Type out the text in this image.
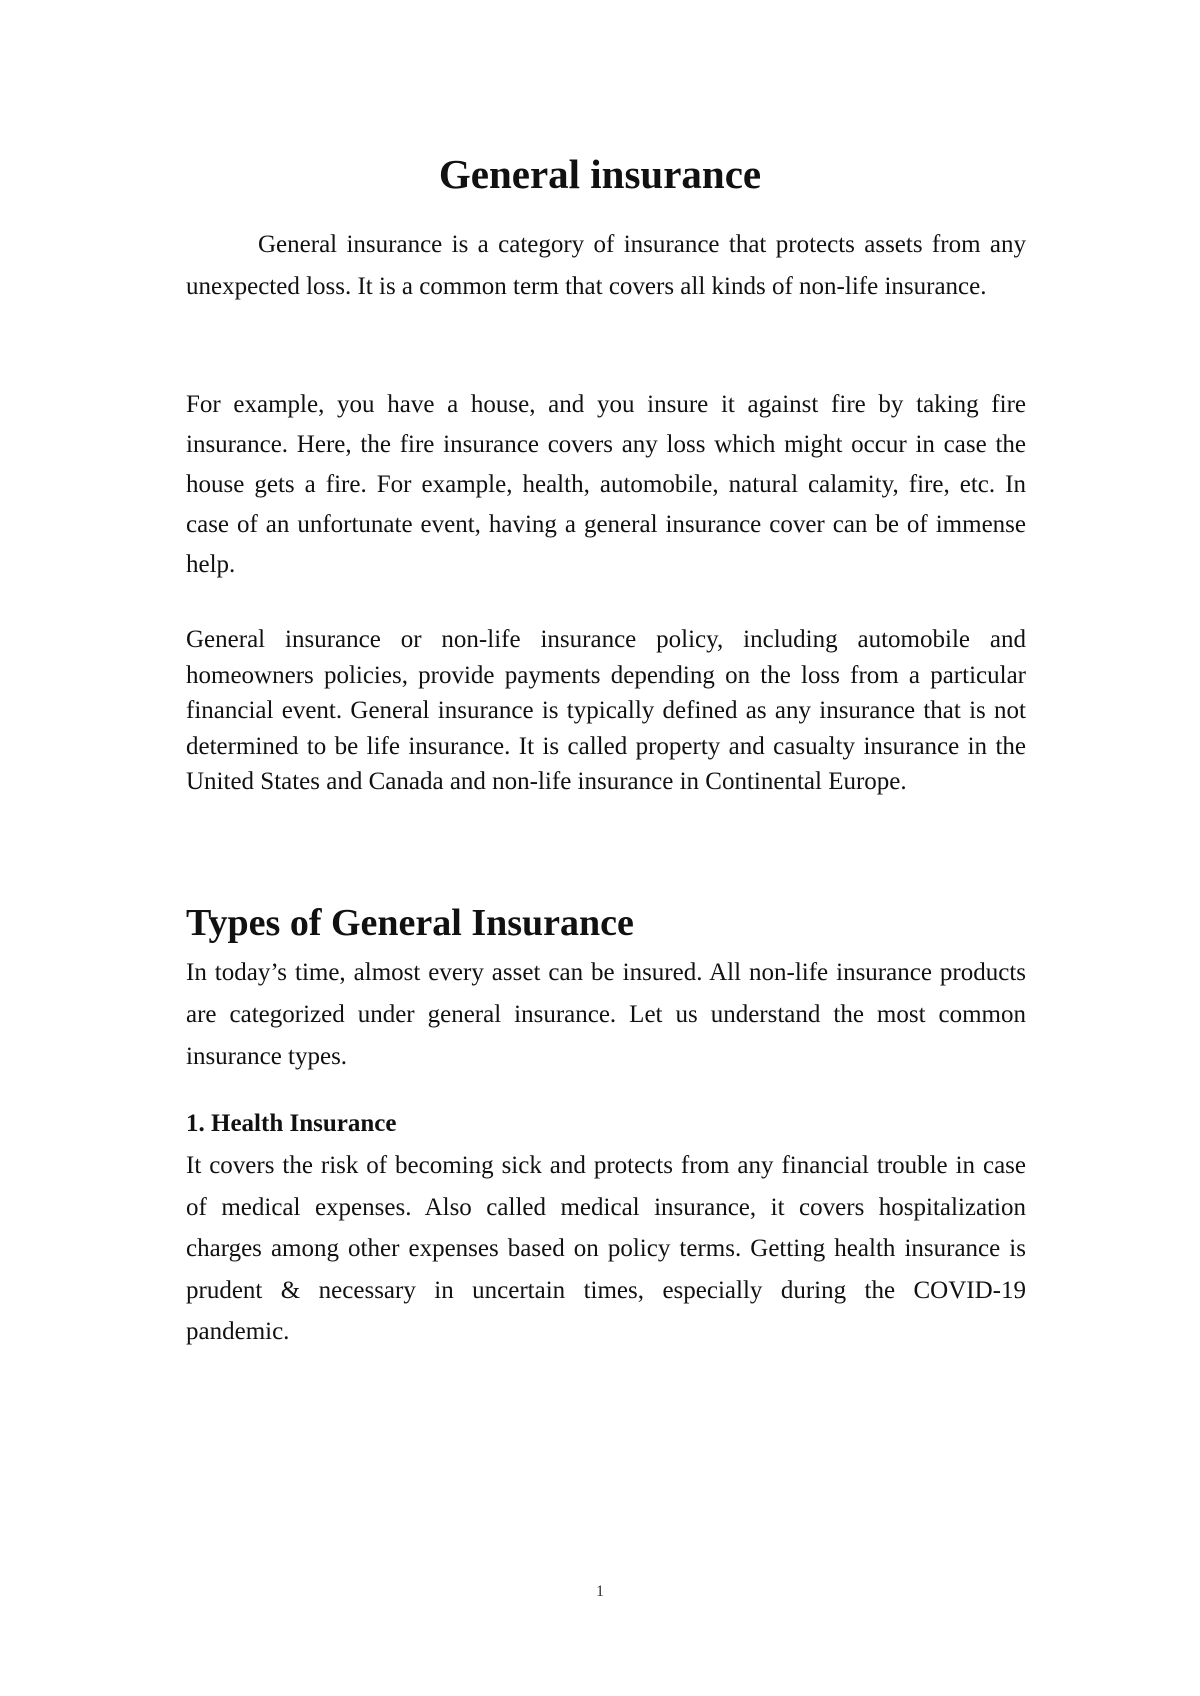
General insurance

General insurance is a category of insurance that protects assets from any unexpected loss. It is a common term that covers all kinds of non-life insurance.

For example, you have a house, and you insure it against fire by taking fire insurance. Here, the fire insurance covers any loss which might occur in case the house gets a fire. For example, health, automobile, natural calamity, fire, etc. In case of an unfortunate event, having a general insurance cover can be of immense help.

General insurance or non-life insurance policy, including automobile and homeowners policies, provide payments depending on the loss from a particular financial event. General insurance is typically defined as any insurance that is not determined to be life insurance. It is called property and casualty insurance in the United States and Canada and non-life insurance in Continental Europe.

Types of General Insurance

In today’s time, almost every asset can be insured. All non-life insurance products are categorized under general insurance. Let us understand the most common insurance types.

1. Health Insurance

It covers the risk of becoming sick and protects from any financial trouble in case of medical expenses. Also called medical insurance, it covers hospitalization charges among other expenses based on policy terms. Getting health insurance is prudent & necessary in uncertain times, especially during the COVID-19 pandemic.

1
